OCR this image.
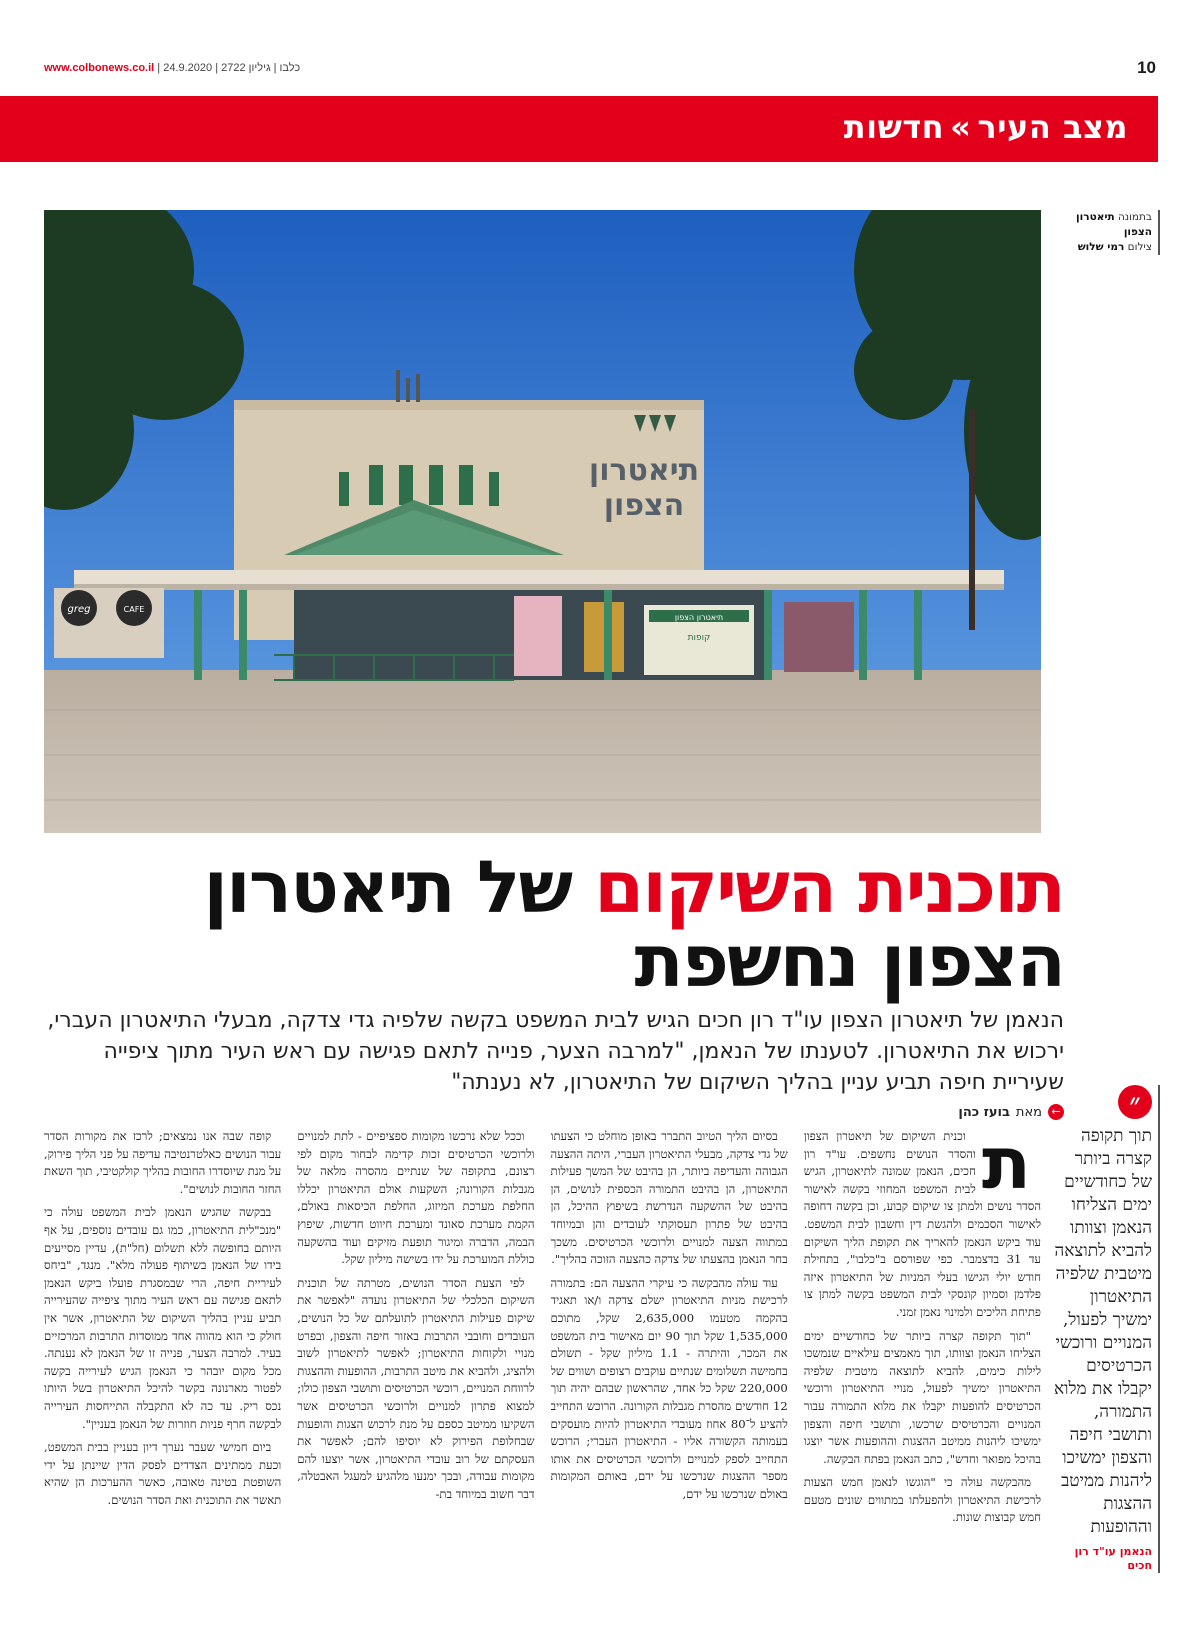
www.colbonews.co.il | כלבו | גיליון 2722 | 24.9.2020	10
מצב העיר»חדשות
בתמונה תיאטרון הצפון
צילום רמי שלוש
תיאטרון
הצפון
תיאטרון הצפון
קופות
greg	CAFE
תוכנית השיקום של תיאטרון
הצפון נחשפת

הנאמן של תיאטרון הצפון עו"ד רון חכים הגיש לבית המשפט בקשה שלפיה גדי צדקה, מבעלי התיאטרון העברי, ירכוש את התיאטרון. לטענתו של הנאמן, "למרבה הצער, פנייה לתאם פגישה עם ראש העיר מתוך ציפייה שעיריית חיפה תביע עניין בהליך השיקום של התיאטרון, לא נענתה"

←
מאת
בועז כהן	״
תוך תקופה קצרה ביותר של כחודשיים ימים הצליחו הנאמן וצוותו להביא לתוצאה מיטבית שלפיה התיאטרון ימשיך לפעול, המנויים ורוכשי הכרטיסים יקבלו את מלוא התמורה, ותושבי חיפה והצפון ימשיכו ליהנות ממיטב ההצגות וההופעות
הנאמן עו"ד רון חכים

ת
וכנית השיקום של תיאטרון הצפון והסדר הנושים נחשפים. עו"ד רון חכים, הנאמן שמונה לתיאטרון, הגיש לבית המשפט המחוזי בקשה לאישור הסדר נושים ולמתן צו שיקום קבוע, וכן בקשה דחופה לאישור הסכמים ולהגשת דין וחשבון לבית המשפט. עוד ביקש הנאמן להאריך את תקופת הליך השיקום עד 31 בדצמבר. כפי שפורסם ב"כלבו", בתחילת חודש יולי הגישו בעלי המניות של התיאטרון איזה פלדמן וסמיון קונסקי לבית המשפט בקשה למתן צו פתיחת הליכים ולמינוי נאמן זמני.

"תוך תקופה קצרה ביותר של כחודשיים ימים הצליחו הנאמן וצוותו, תוך מאמצים עילאיים שנמשכו לילות כימים, להביא לתוצאה מיטבית שלפיה התיאטרון ימשיך לפעול, מנויי התיאטרון ורוכשי הכרטיסים להופעות יקבלו את מלוא התמורה עבור המנויים והכרטיסים שרכשו, ותושבי חיפה והצפון ימשיכו ליהנות ממיטב ההצגות וההופעות אשר יוצגו בהיכל מפואר וחדש", כתב הנאמן בפתח הבקשה.

מהבקשה עולה כי "הוגשו לנאמן חמש הצעות לרכישת התיאטרון ולהפעלתו במתווים שונים מטעם חמש קבוצות שונות.

בסיום הליך הטיוב התברר באופן מוחלט כי הצעתו של גדי צדקה, מבעלי התיאטרון העברי, היתה ההצעה הגבוהה והעדיפה ביותר, הן בהיבט של המשך פעילות התיאטרון, הן בהיבט התמורה הכספית לנושים, הן בהיבט של ההשקעה הנדרשת בשיפוץ ההיכל, הן בהיבט של פתרון תעסוקתי לעובדים והן ובמיוחד במתווה הצעה למנויים ולרוכשי הכרטיסים. משכך בחר הנאמן בהצעתו של צדקה כהצעה הזוכה בהליך".

עוד עולה מהבקשה כי עיקרי ההצעה הם: בתמורה לרכישת מניות התיאטרון ישלם צדקה ו/או תאגיד בהקמה מטעמו 2,635,000 שקל, מתוכם 1,535,000 שקל תוך 90 יום מאישור בית המשפט את המכר, והיתרה - 1.1 מיליון שקל - תשולם בחמישה תשלומים שנתיים עוקבים רצופים ושווים של 220,000 שקל כל אחד, שהראשון שבהם יהיה תוך 12 חודשים מהסרת מגבלות הקורונה. הרוכש התחייב להציע ל־80 אחוז מעובדי התיאטרון להיות מועסקים בעמותה הקשורה אליו - התיאטרון העברי; הרוכש התחייב לספק למנויים ולרוכשי הכרטיסים את אותו מספר ההצגות שנרכשו על ידם, באותם המקומות באולם שנרכשו על ידם,

וככל שלא נרכשו מקומות ספציפיים - לתת למנויים ולרוכשי הכרטיסים זכות קדימה לבחור מקום לפי רצונם, בתקופה של שנתיים מהסרה מלאה של מגבלות הקורונה; השקעות אולם התיאטרון יכללו החלפת מערכת המיזוג, החלפת הכיסאות באולם, הקמת מערכת סאונד ומערכת חיווט חדשות, שיפוץ הבמה, הדברה ומיגור תופעת מזיקים ועוד בהשקעה כוללת המוערכת על ידו בשישה מיליון שקל.

לפי הצעת הסדר הנושים, מטרתה של תוכנית השיקום הכלכלי של התיאטרון נועדה "לאפשר את שיקום פעילות התיאטרון לתועלתם של כל הנושים, העובדים וחובבי התרבות באזור חיפה והצפון, ובפרט מנויי ולקוחות התיאטרון; לאפשר לתיאטרון לשוב ולהציג, ולהביא את מיטב התרבות, ההופעות וההצגות לרווחת המנויים, רוכשי הכרטיסים ותושבי הצפון כולו; למצוא פתרון למנויים ולרוכשי הכרטיסים אשר השקיעו ממיטב כספם על מנת לרכוש הצגות והופעות שבחלופת הפירוק לא יוסיפו להם; לאפשר את העסקתם של רוב עובדי התיאטרון, אשר יוצעו להם מקומות עבודה, ובכך ימנעו מלהגיע למעגל האבטלה, דבר חשוב במיוחד בת-

קופה שבה אנו נמצאים; לרכז את מקורות הסדר עבור הנושים כאלטרנטיבה עדיפה על פני הליך פירוק, על מנת שיוסדרו החובות בהליך קולקטיבי, תוך השאת החזר החובות לנושים".

בבקשה שהגיש הנאמן לבית המשפט עולה כי "מנכ"לית התיאטרון, כמו גם עובדים נוספים, על אף היותם בחופשה ללא תשלום (חל"ת), עדיין מסייעים בידו של הנאמן בשיתוף פעולה מלא". מנגד, "ביחס לעיריית חיפה, הרי שבמסגרת פועלו ביקש הנאמן לתאם פגישה עם ראש העיר מתוך ציפייה שהעירייה תביע עניין בהליך השיקום של התיאטרון, אשר אין חולק כי הוא מהווה אחד ממוסדות התרבות המרכזיים בעיר. למרבה הצער, פנייה זו של הנאמן לא נענתה. מכל מקום יובהר כי הנאמן הגיש לעירייה בקשה לפטור מארנונה בקשר להיכל התיאטרון בשל היותו נכס ריק. עד כה לא התקבלה התייחסות העירייה לבקשה חרף פניות חוזרות של הנאמן בעניין".

ביום חמישי שעבר נערך דיון בעניין בבית המשפט, וכעת ממתינים הצדדים לפסק הדין שיינתן על ידי השופטת בטינה טאובה, כאשר ההערכות הן שהיא תאשר את התוכנית ואת הסדר הנושים.
